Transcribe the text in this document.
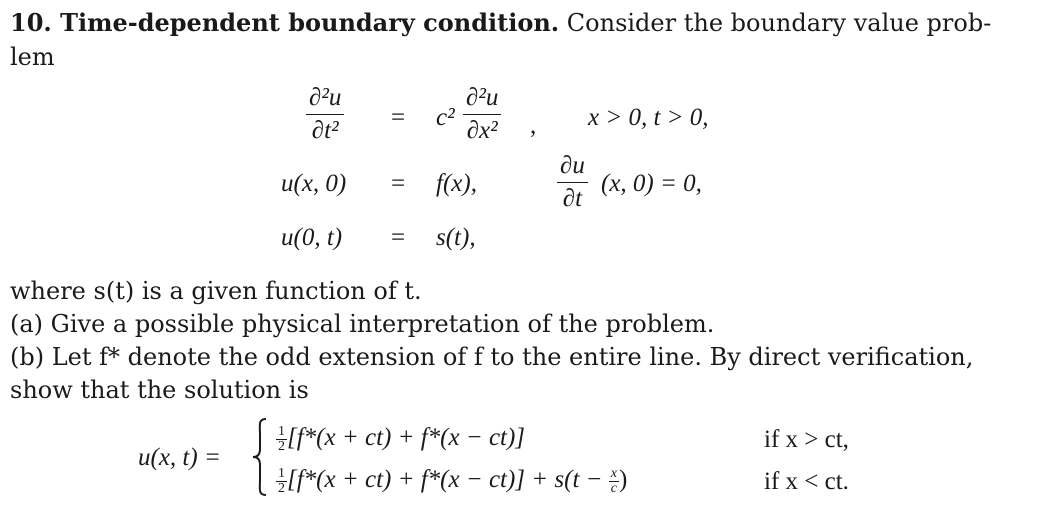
10. Time-dependent boundary condition. Consider the boundary value prob-
lem
$\frac{\text{∂²u}}{\text{∂t²}} = c^2 \frac{\text{∂²u}}{\text{∂x²}}$ , x > 0, t > 0,
u(x, 0) = f(x),	$\frac{\partial u}{\partial t} (x$, 0) = 0,
u(0, t) = s(t),
where s(t) is a given function of t.
(a) Give a possible physical interpretation of the problem.
(b) Let f* denote the odd extension of f to the entire line. By direct verification,
show that the solution is
u(x, t) =
$\frac{1}{2} [f*(x + ct) + f*(x - ct)]$	if x > ct,
$\frac{1}{2} [f*(x + ct) + f*(x - ct)] + s(t - \frac{x}{c}$ )	if x < ct.
